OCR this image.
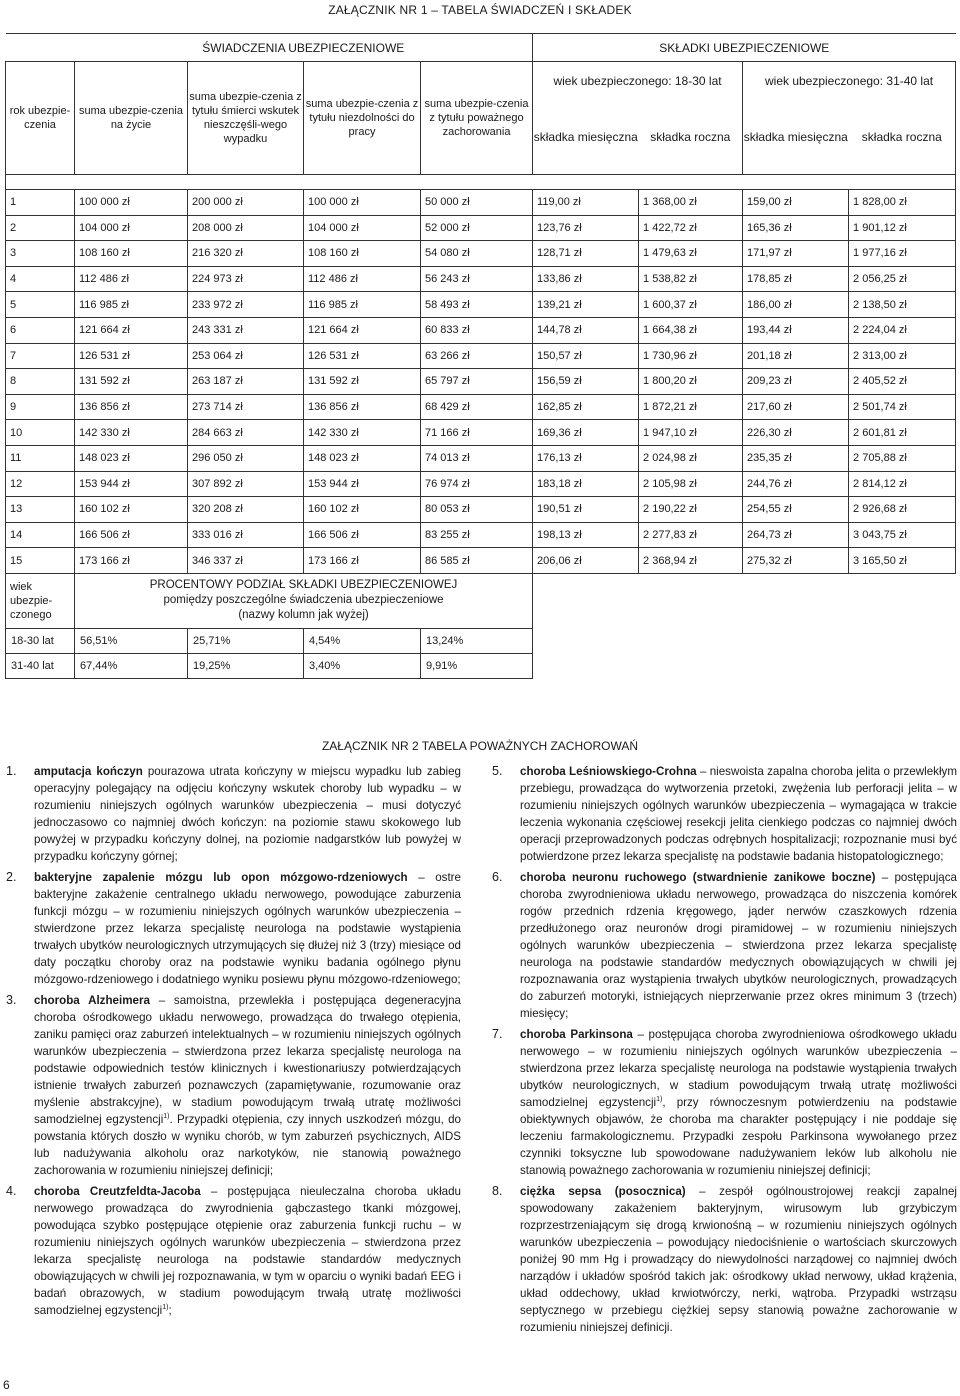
ZAŁĄCZNIK NR 1 – TABELA ŚWIADCZEŃ I SKŁADEK
	ŚWIADCZENIA UBEZPIECZENIOWE				SKŁADKI UBEZPIECZENIOWE			
rok ubezpie-czenia	suma ubezpie-czenia na życie	suma ubezpie-czenia z tytułu śmierci wskutek nieszczęśli-wego wypadku	suma ubezpie-czenia z tytułu niezdolności do pracy	suma ubezpie-czenia z tytułu poważnego zachorowania	wiek ubezpieczonego: 18-30 lat		wiek ubezpieczonego: 31-40 lat	
					składka miesięczna	składka roczna	składka miesięczna	składka roczna

1	100 000 zł	200 000 zł	100 000 zł	50 000 zł	119,00 zł	1 368,00 zł	159,00 zł	1 828,00 zł
2	104 000 zł	208 000 zł	104 000 zł	52 000 zł	123,76 zł	1 422,72 zł	165,36 zł	1 901,12 zł
3	108 160 zł	216 320 zł	108 160 zł	54 080 zł	128,71 zł	1 479,63 zł	171,97 zł	1 977,16 zł
4	112 486 zł	224 973 zł	112 486 zł	56 243 zł	133,86 zł	1 538,82 zł	178,85 zł	2 056,25 zł
5	116 985 zł	233 972 zł	116 985 zł	58 493 zł	139,21 zł	1 600,37 zł	186,00 zł	2 138,50 zł
6	121 664 zł	243 331 zł	121 664 zł	60 833 zł	144,78 zł	1 664,38 zł	193,44 zł	2 224,04 zł
7	126 531 zł	253 064 zł	126 531 zł	63 266 zł	150,57 zł	1 730,96 zł	201,18 zł	2 313,00 zł
8	131 592 zł	263 187 zł	131 592 zł	65 797 zł	156,59 zł	1 800,20 zł	209,23 zł	2 405,52 zł
9	136 856 zł	273 714 zł	136 856 zł	68 429 zł	162,85 zł	1 872,21 zł	217,60 zł	2 501,74 zł
10	142 330 zł	284 663 zł	142 330 zł	71 166 zł	169,36 zł	1 947,10 zł	226,30 zł	2 601,81 zł
11	148 023 zł	296 050 zł	148 023 zł	74 013 zł	176,13 zł	2 024,98 zł	235,35 zł	2 705,88 zł
12	153 944 zł	307 892 zł	153 944 zł	76 974 zł	183,18 zł	2 105,98 zł	244,76 zł	2 814,12 zł
13	160 102 zł	320 208 zł	160 102 zł	80 053 zł	190,51 zł	2 190,22 zł	254,55 zł	2 926,68 zł
14	166 506 zł	333 016 zł	166 506 zł	83 255 zł	198,13 zł	2 277,83 zł	264,73 zł	3 043,75 zł
15	173 166 zł	346 337 zł	173 166 zł	86 585 zł	206,06 zł	2 368,94 zł	275,32 zł	3 165,50 zł
wiek ubezpie-czonego	PROCENTOWY PODZIAŁ SKŁADKI UBEZPIECZENIOWEJ
pomiędzy poszczególne świadczenia ubezpieczeniowe
(nazwy kolumn jak wyżej)							

18-30 lat	56,51%	25,71%	4,54%	13,24%				
31-40 lat	67,44%	19,25%	3,40%	9,91%				
ZAŁĄCZNIK NR 2 TABELA POWAŻNYCH ZACHOROWAŃ
1. amputacja kończyn pourazowa utrata kończyny w miejscu wypadku lub zabieg operacyjny polegający na odjęciu kończyny wskutek choroby lub wypadku – w rozumieniu niniejszych ogólnych warunków ubezpieczenia – musi dotyczyć jednoczasowo co najmniej dwóch kończyn: na poziomie stawu skokowego lub powyżej w przypadku kończyny dolnej, na poziomie nadgarstków lub powyżej w przypadku kończyny górnej;
2. bakteryjne zapalenie mózgu lub opon mózgowo-rdzeniowych – ostre bakteryjne zakażenie centralnego układu nerwowego, powodujące zaburzenia funkcji mózgu – w rozumieniu niniejszych ogólnych warunków ubezpieczenia – stwierdzone przez lekarza specjalistę neurologa na podstawie wystąpienia trwałych ubytków neurologicznych utrzymujących się dłużej niż 3 (trzy) miesiące od daty początku choroby oraz na podstawie wyniku badania ogólnego płynu mózgowo-rdzeniowego i dodatniego wyniku posiewu płynu mózgowo-rdzeniowego;
3. choroba Alzheimera – samoistna, przewlekła i postępująca degeneracyjna choroba ośrodkowego układu nerwowego, prowadząca do trwałego otępienia, zaniku pamięci oraz zaburzeń intelektualnych – w rozumieniu niniejszych ogólnych warunków ubezpieczenia – stwierdzona przez lekarza specjalistę neurologa na podstawie odpowiednich testów klinicznych i kwestionariuszy potwierdzających istnienie trwałych zaburzeń poznawczych (zapamiętywanie, rozumowanie oraz myślenie abstrakcyjne), w stadium powodującym trwałą utratę możliwości samodzielnej egzystencji$^{1)}$. Przypadki otępienia, czy innych uszkodzeń mózgu, do powstania których doszło w wyniku chorób, w tym zaburzeń psychicznych, AIDS lub nadużywania alkoholu oraz narkotyków, nie stanowią poważnego zachorowania w rozumieniu niniejszej definicji;
4. choroba Creutzfeldta-Jacoba – postępująca nieuleczalna choroba układu nerwowego prowadząca do zwyrodnienia gąbczastego tkanki mózgowej, powodująca szybko postępujące otępienie oraz zaburzenia funkcji ruchu – w rozumieniu niniejszych ogólnych warunków ubezpieczenia – stwierdzona przez lekarza specjalistę neurologa na podstawie standardów medycznych obowiązujących w chwili jej rozpoznawania, w tym w oparciu o wyniki badań EEG i badań obrazowych, w stadium powodującym trwałą utratę możliwości samodzielnej egzystencji$^{1)}$;
5. choroba Leśniowskiego-Crohna – nieswoista zapalna choroba jelita o przewlekłym przebiegu, prowadząca do wytworzenia przetoki, zwężenia lub perforacji jelita – w rozumieniu niniejszych ogólnych warunków ubezpieczenia – wymagająca w trakcie leczenia wykonania częściowej resekcji jelita cienkiego podczas co najmniej dwóch operacji przeprowadzonych podczas odrębnych hospitalizacji; rozpoznanie musi być potwierdzone przez lekarza specjalistę na podstawie badania histopatologicznego;
6. choroba neuronu ruchowego (stwardnienie zanikowe boczne) – postępująca choroba zwyrodnieniowa układu nerwowego, prowadząca do niszczenia komórek rogów przednich rdzenia kręgowego, jąder nerwów czaszkowych rdzenia przedłużonego oraz neuronów drogi piramidowej – w rozumieniu niniejszych ogólnych warunków ubezpieczenia – stwierdzona przez lekarza specjalistę neurologa na podstawie standardów medycznych obowiązujących w chwili jej rozpoznawania oraz wystąpienia trwałych ubytków neurologicznych, prowadzących do zaburzeń motoryki, istniejących nieprzerwanie przez okres minimum 3 (trzech) miesięcy;
7. choroba Parkinsona – postępująca choroba zwyrodnieniowa ośrodkowego układu nerwowego – w rozumieniu niniejszych ogólnych warunków ubezpieczenia – stwierdzona przez lekarza specjalistę neurologa na podstawie wystąpienia trwałych ubytków neurologicznych, w stadium powodującym trwałą utratę możliwości samodzielnej egzystencji$^{1)}$, przy równoczesnym potwierdzeniu na podstawie obiektywnych objawów, że choroba ma charakter postępujący i nie poddaje się leczeniu farmakologicznemu. Przypadki zespołu Parkinsona wywołanego przez czynniki toksyczne lub spowodowane nadużywaniem leków lub alkoholu nie stanowią poważnego zachorowania w rozumieniu niniejszej definicji;
8. ciężka sepsa (posocznica) – zespół ogólnoustrojowej reakcji zapalnej spowodowany zakażeniem bakteryjnym, wirusowym lub grzybiczym rozprzestrzeniającym się drogą krwionośną – w rozumieniu niniejszych ogólnych warunków ubezpieczenia – powodujący niedociśnienie o wartościach skurczowych poniżej 90 mm Hg i prowadzący do niewydolności narządowej co najmniej dwóch narządów i układów spośród takich jak: ośrodkowy układ nerwowy, układ krążenia, układ oddechowy, układ krwiotwórczy, nerki, wątroba. Przypadki wstrząsu septycznego w przebiegu ciężkiej sepsy stanowią poważne zachorowanie w rozumieniu niniejszej definicji.
6
